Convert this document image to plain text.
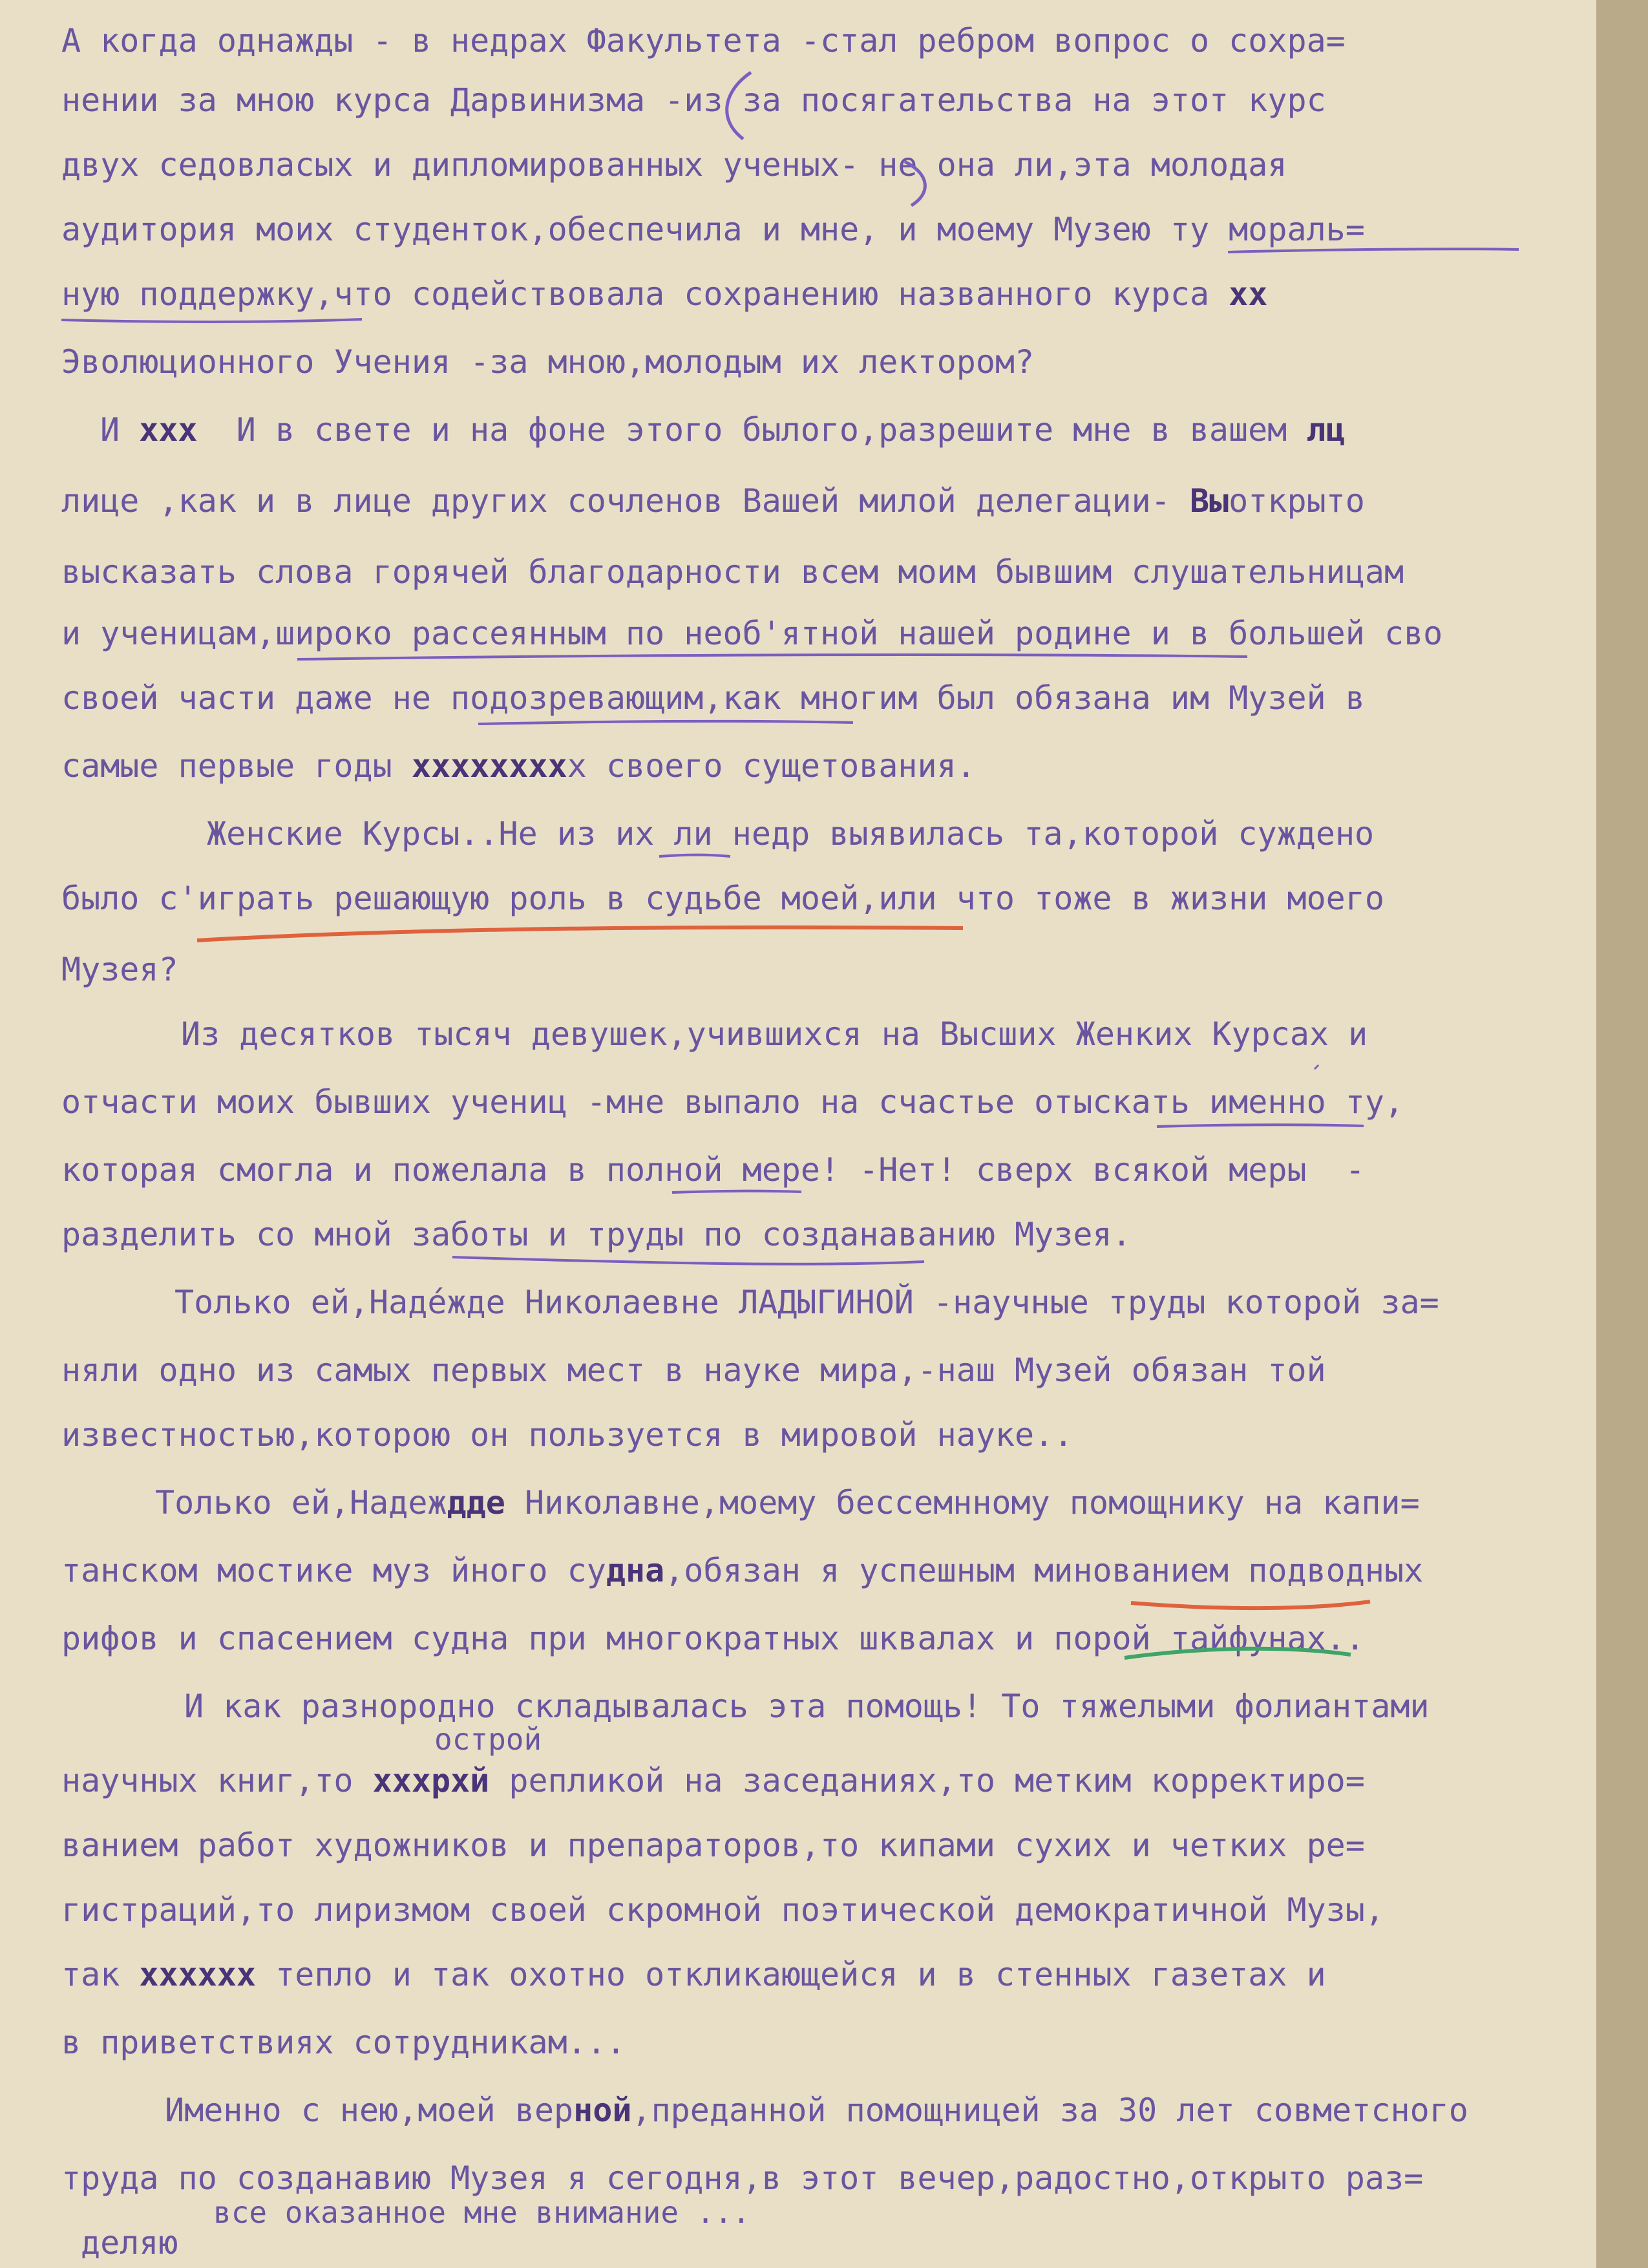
А когда однажды - в недрах Факультета -стал ребром вопрос о сохра=

нении за мною курса Дарвинизма -из за посягательства на этот курс

двух седовласых и дипломированных ученых- не она ли,эта молодая

аудитория моих студенток,обеспечила и мне, и моему Музею ту мораль=

ную поддержку,что содействовала сохранению названного курса хх

Эволюционного Учения -за мною,молодым их лектором?

И ххх  И в свете и на фоне этого былого,разрешите мне в вашем лц

лице ,как и в лице других сочленов Вашей милой делегации- Выоткрыто

высказать слова горячей благодарности всем моим бывшим слушательницам

и ученицам,широко рассеянным по необ'ятной нашей родине и в большей сво

своей части даже не подозревающим,как многим был обязана им Музей в

самые первые годы ххххххххх своего сущетования.

Женские Курсы..Не из их ли недр выявилась та,которой суждено

было с'играть решающую роль в судьбе моей,или что тоже в жизни моего

Музея?

Из десятков тысяч девушек,учившихся на Высших Женких Курсах и

отчасти моих бывших учениц -мне выпало на счастье отыскать именно ту,

которая смогла и пожелала в полной мере! -Нет! сверх всякой меры  -

разделить со мной заботы и труды по созданаванию Музея.

Только ей,Наде́жде Николаевне ЛАДЫГИНОЙ -научные труды которой за=

няли одно из самых первых мест в науке мира,-наш Музей обязан той

известностью,которою он пользуется в мировой науке..

Только ей,Надеждде Николавне,моему бессемнному помощнику на капи=

танском мостике муз йного судна,обязан я успешным минованием подводных

рифов и спасением судна при многократных шквалах и порой тайфунах..

И как разнородно складывалась эта помощь! То тяжелыми фолиантами

научных книг,то хххрхй репликой на заседаниях,то метким корректиро=

ванием работ художников и препараторов,то кипами сухих и четких ре=

гистраций,то лиризмом своей скромной поэтической демократичной Музы,

так хххххх тепло и так охотно откликающейся и в стенных газетах и

в приветствиях сотрудникам...

Именно с нею,моей верной,преданной помощницей за 30 лет совметсного

труда по созданавию Музея я сегодня,в этот вечер,радостно,открыто раз=

деляю

острой

все оказанное мне внимание ...
